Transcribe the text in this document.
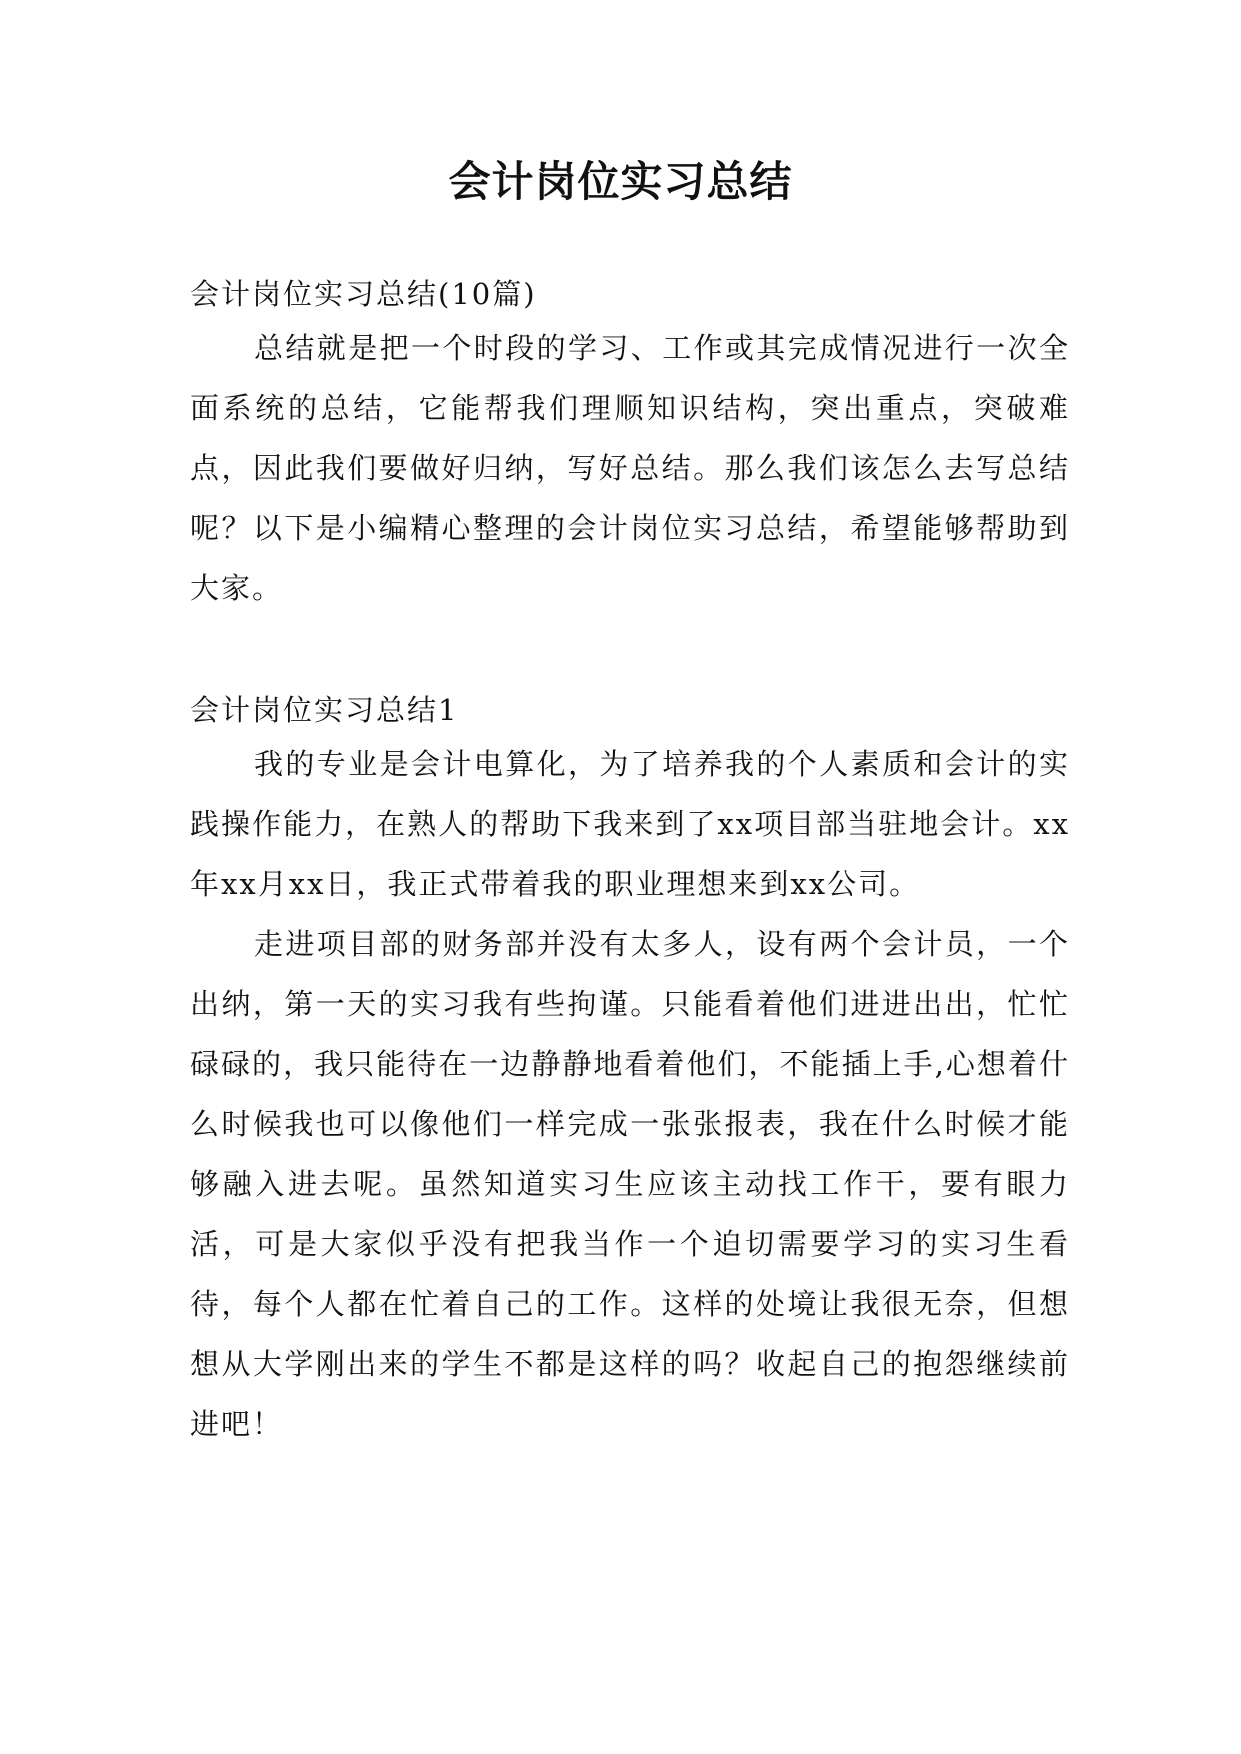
会计岗位实习总结

会计岗位实习总结(10篇)

总结就是把一个时段的学习、工作或其完成情况进行一次全面系统的总结，它能帮我们理顺知识结构，突出重点，突破难点，因此我们要做好归纳，写好总结。那么我们该怎么去写总结呢？以下是小编精心整理的会计岗位实习总结，希望能够帮助到大家。

会计岗位实习总结1

我的专业是会计电算化，为了培养我的个人素质和会计的实践操作能力，在熟人的帮助下我来到了xx项目部当驻地会计。xx年xx月xx日，我正式带着我的职业理想来到xx公司。

走进项目部的财务部并没有太多人，设有两个会计员，一个出纳，第一天的实习我有些拘谨。只能看着他们进进出出，忙忙碌碌的，我只能待在一边静静地看着他们，不能插上手,心想着什么时候我也可以像他们一样完成一张张报表，我在什么时候才能够融入进去呢。虽然知道实习生应该主动找工作干，要有眼力活，可是大家似乎没有把我当作一个迫切需要学习的实习生看待，每个人都在忙着自己的工作。这样的处境让我很无奈，但想想从大学刚出来的学生不都是这样的吗？收起自己的抱怨继续前进吧！
